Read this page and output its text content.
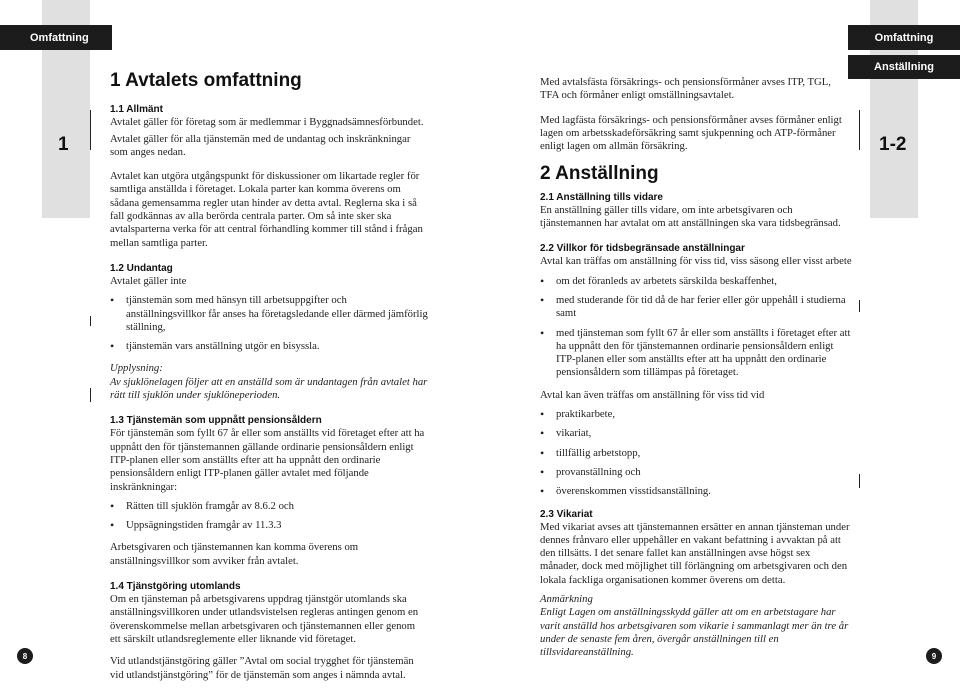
Omfattning
1
1 Avtalets omfattning
1.1 Allmänt

Avtalet gäller för företag som är medlemmar i Byggnadsämnesförbundet.

Avtalet gäller för alla tjänstemän med de undantag och inskränkningar som anges nedan.

Avtalet kan utgöra utgångspunkt för diskussioner om likartade regler för samtliga anställda i företaget. Lokala parter kan komma överens om sådana gemensamma regler utan hinder av detta avtal. Reglerna ska i så fall godkännas av alla berörda centrala parter. Om så inte sker ska avtalsparterna verka för att central förhandling kommer till stånd i frågan mellan samtliga parter.

1.2 Undantag

Avtalet gäller inte

• tjänstemän som med hänsyn till arbetsuppgifter och anställningsvillkor får anses ha företagsledande eller därmed jämförlig ställning,
• tjänstemän vars anställning utgör en bisyssla.
Upplysning:

Av sjuklönelagen följer att en anställd som är undantagen från avtalet har rätt till sjuklön under sjuklöneperioden.

1.3 Tjänstemän som uppnått pensionsåldern

För tjänstemän som fyllt 67 år eller som anställts vid företaget efter att ha uppnått den för tjänstemannen gällande ordinarie pensionsåldern enligt ITP-planen eller som anställts efter att ha uppnått den ordinarie pensionsåldern enligt ITP-planen gäller avtalet med följande inskränkningar:

• Rätten till sjuklön framgår av 8.6.2 och
• Uppsägningstiden framgår av 11.3.3

Arbetsgivaren och tjänstemannen kan komma överens om anställningsvillkor som avviker från avtalet.

1.4 Tjänstgöring utomlands

Om en tjänsteman på arbetsgivarens uppdrag tjänstgör utomlands ska anställningsvillkoren under utlandsvistelsen regleras antingen genom en överenskommelse mellan arbetsgivaren och tjänstemannen eller genom ett särskilt utlandsreglemente eller liknande vid företaget.

Vid utlandstjänstgöring gäller ”Avtal om social trygghet för tjänstemän vid utlandstjänstgöring” för de tjänstemän som anges i nämnda avtal.

8
Omfattning
Anställning
1-2

Med avtalsfästa försäkrings- och pensionsförmåner avses ITP, TGL, TFA och förmåner enligt omställningsavtalet.

Med lagfästa försäkrings- och pensionsförmåner avses förmåner enligt lagen om arbetsskadeförsäkring samt sjukpenning och ATP-förmåner enligt lagen om allmän försäkring.

2 Anställning
2.1 Anställning tills vidare

En anställning gäller tills vidare, om inte arbetsgivaren och tjänstemannen har avtalat om att anställningen ska vara tidsbegränsad.

2.2 Villkor för tidsbegränsade anställningar

Avtal kan träffas om anställning för viss tid, viss säsong eller visst arbete

• om det föranleds av arbetets särskilda beskaffenhet,
• med studerande för tid då de har ferier eller gör uppehåll i studierna samt
• med tjänsteman som fyllt 67 år eller som anställts i företaget efter att ha uppnått den för tjänstemannen ordinarie pensionsåldern enligt ITP-planen eller som anställts efter att ha uppnått den ordinarie pensionsåldern som tillämpas på företaget.

Avtal kan även träffas om anställning för viss tid vid

• praktikarbete,
• vikariat,
• tillfällig arbetstopp,
• provanställning och
• överenskommen visstidsanställning.
2.3 Vikariat

Med vikariat avses att tjänstemannen ersätter en annan tjänsteman under dennes frånvaro eller uppehåller en vakant befattning i avvaktan på att den tillsätts. I det senare fallet kan anställningen avse högst sex månader, dock med möjlighet till förlängning om arbetsgivaren och den lokala fackliga organisationen kommer överens om detta.

Anmärkning

Enligt Lagen om anställningsskydd gäller att om en arbetstagare har varit anställd hos arbetsgivaren som vikarie i sammanlagt mer än tre år under de senaste fem åren, övergår anställningen till en tillsvidareanställning.	9
